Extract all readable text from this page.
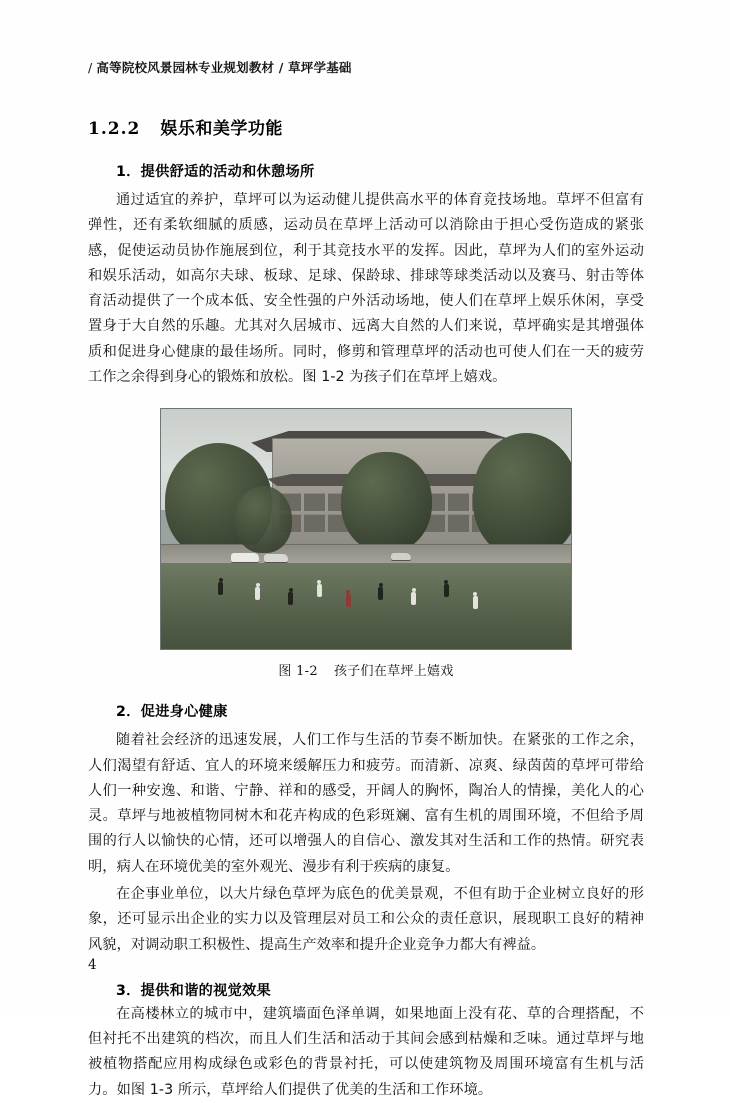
/ 高等院校风景园林专业规划教材 / 草坪学基础
1.2.2 娱乐和美学功能
1．提供舒适的活动和休憩场所

通过适宜的养护，草坪可以为运动健儿提供高水平的体育竞技场地。草坪不但富有弹性，还有柔软细腻的质感，运动员在草坪上活动可以消除由于担心受伤造成的紧张感，促使运动员协作施展到位，利于其竞技水平的发挥。因此，草坪为人们的室外运动和娱乐活动，如高尔夫球、板球、足球、保龄球、排球等球类活动以及赛马、射击等体育活动提供了一个成本低、安全性强的户外活动场地，使人们在草坪上娱乐休闲，享受置身于大自然的乐趣。尤其对久居城市、远离大自然的人们来说，草坪确实是其增强体质和促进身心健康的最佳场所。同时，修剪和管理草坪的活动也可使人们在一天的疲劳工作之余得到身心的锻炼和放松。图 1-2 为孩子们在草坪上嬉戏。

图 1-2 孩子们在草坪上嬉戏
2．促进身心健康

随着社会经济的迅速发展，人们工作与生活的节奏不断加快。在紧张的工作之余，人们渴望有舒适、宜人的环境来缓解压力和疲劳。而清新、凉爽、绿茵茵的草坪可带给人们一种安逸、和谐、宁静、祥和的感受，开阔人的胸怀，陶冶人的情操，美化人的心灵。草坪与地被植物同树木和花卉构成的色彩斑斓、富有生机的周围环境，不但给予周围的行人以愉快的心情，还可以增强人的自信心、激发其对生活和工作的热情。研究表明，病人在环境优美的室外观光、漫步有利于疾病的康复。

在企事业单位，以大片绿色草坪为底色的优美景观，不但有助于企业树立良好的形象，还可显示出企业的实力以及管理层对员工和公众的责任意识，展现职工良好的精神风貌，对调动职工积极性、提高生产效率和提升企业竞争力都大有裨益。

3．提供和谐的视觉效果

在高楼林立的城市中，建筑墙面色泽单调，如果地面上没有花、草的合理搭配，不但衬托不出建筑的档次，而且人们生活和活动于其间会感到枯燥和乏味。通过草坪与地被植物搭配应用构成绿色或彩色的背景衬托，可以使建筑物及周围环境富有生机与活力。如图 1-3 所示，草坪给人们提供了优美的生活和工作环境。

4
